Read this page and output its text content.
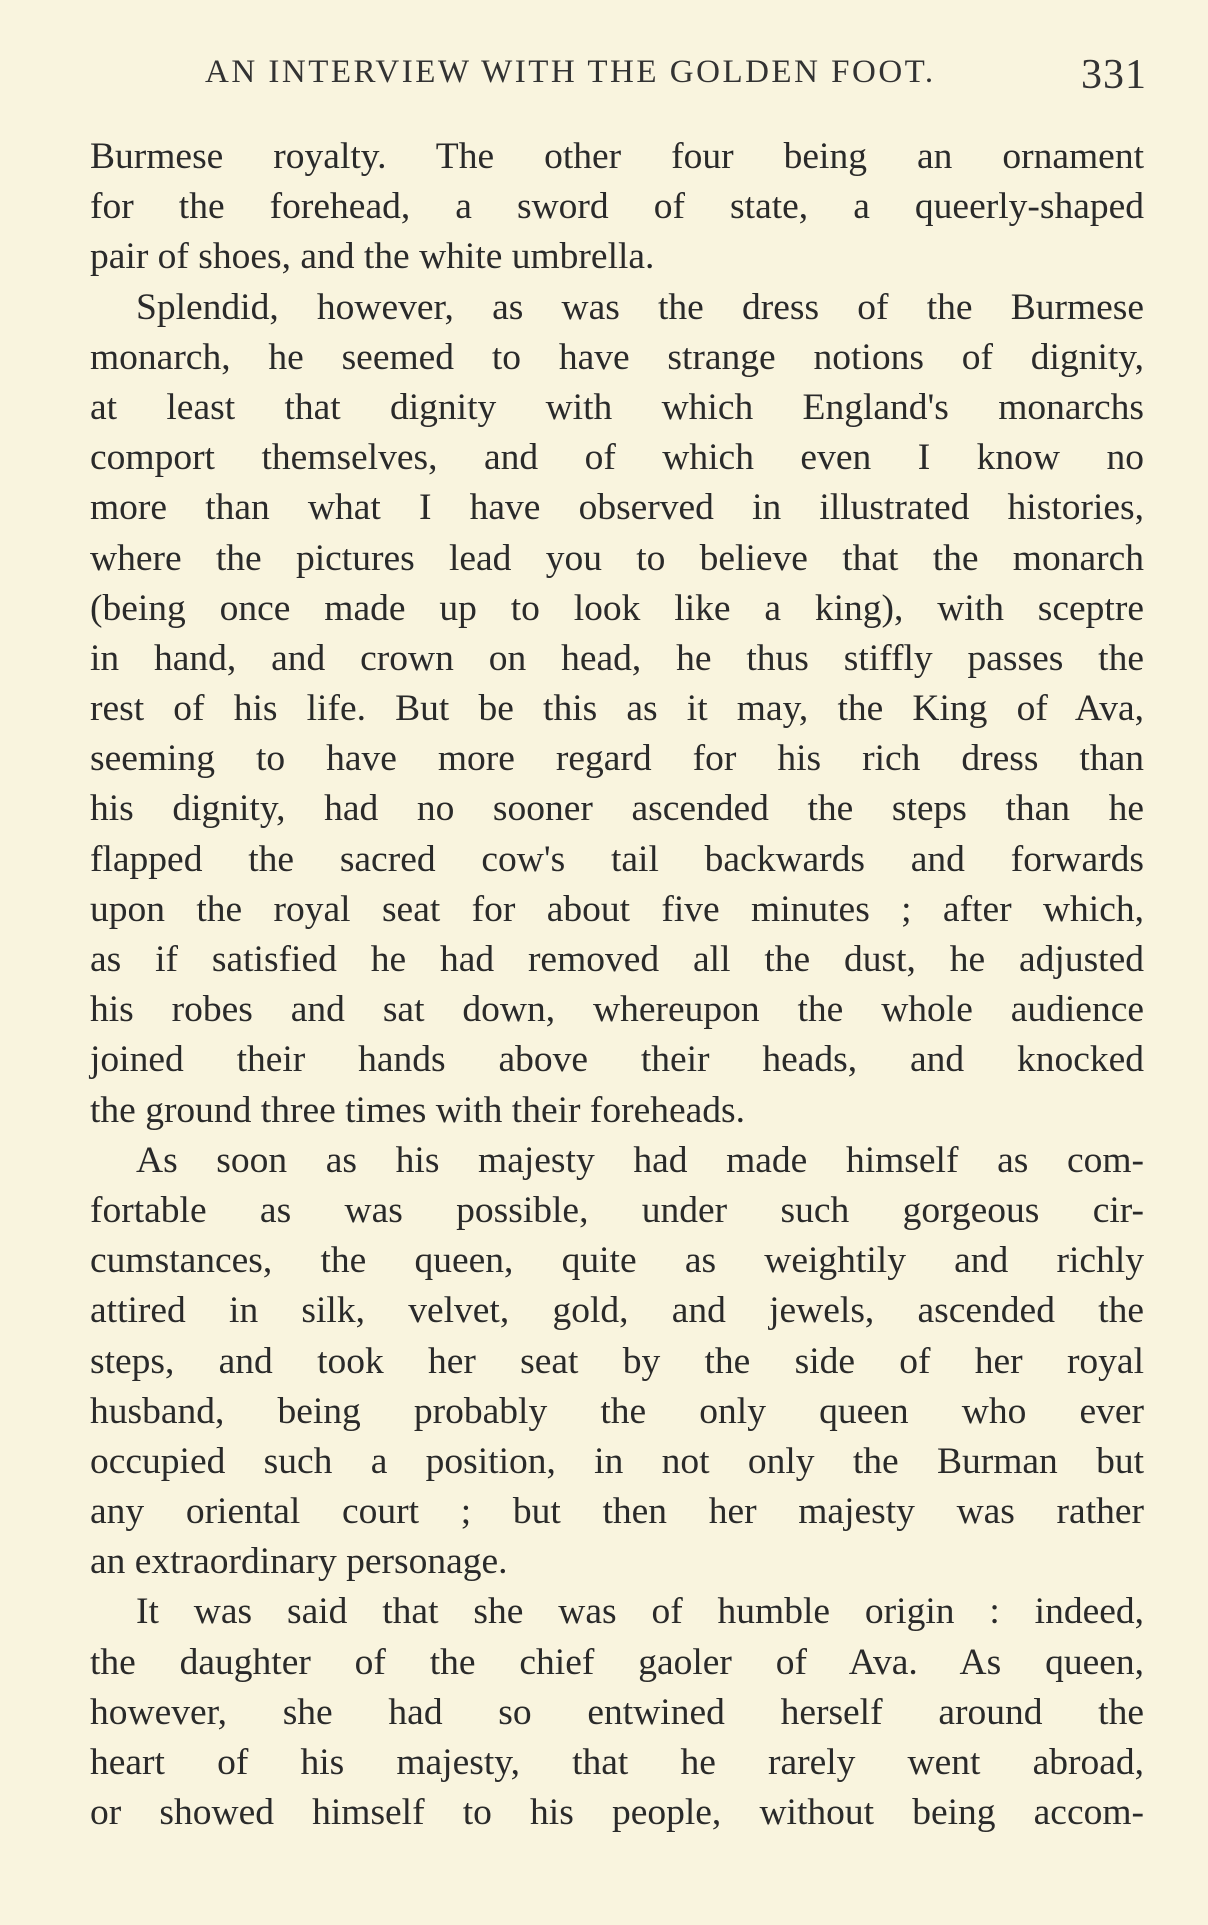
AN INTERVIEW WITH THE GOLDEN FOOT.	331
Burmese royalty. The other four being an ornament
for the forehead, a sword of state, a queerly-shaped
pair of shoes, and the white umbrella.
Splendid, however, as was the dress of the Burmese
monarch, he seemed to have strange notions of dignity,
at least that dignity with which England's monarchs
comport themselves, and of which even I know no
more than what I have observed in illustrated histories,
where the pictures lead you to believe that the monarch
(being once made up to look like a king), with sceptre
in hand, and crown on head, he thus stiffly passes the
rest of his life. But be this as it may, the King of Ava,
seeming to have more regard for his rich dress than
his dignity, had no sooner ascended the steps than he
flapped the sacred cow's tail backwards and forwards
upon the royal seat for about five minutes ; after which,
as if satisfied he had removed all the dust, he adjusted
his robes and sat down, whereupon the whole audience
joined their hands above their heads, and knocked
the ground three times with their foreheads.
As soon as his majesty had made himself as com-
fortable as was possible, under such gorgeous cir-
cumstances, the queen, quite as weightily and richly
attired in silk, velvet, gold, and jewels, ascended the
steps, and took her seat by the side of her royal
husband, being probably the only queen who ever
occupied such a position, in not only the Burman but
any oriental court ; but then her majesty was rather
an extraordinary personage.
It was said that she was of humble origin : indeed,
the daughter of the chief gaoler of Ava. As queen,
however, she had so entwined herself around the
heart of his majesty, that he rarely went abroad,
or showed himself to his people, without being accom-
